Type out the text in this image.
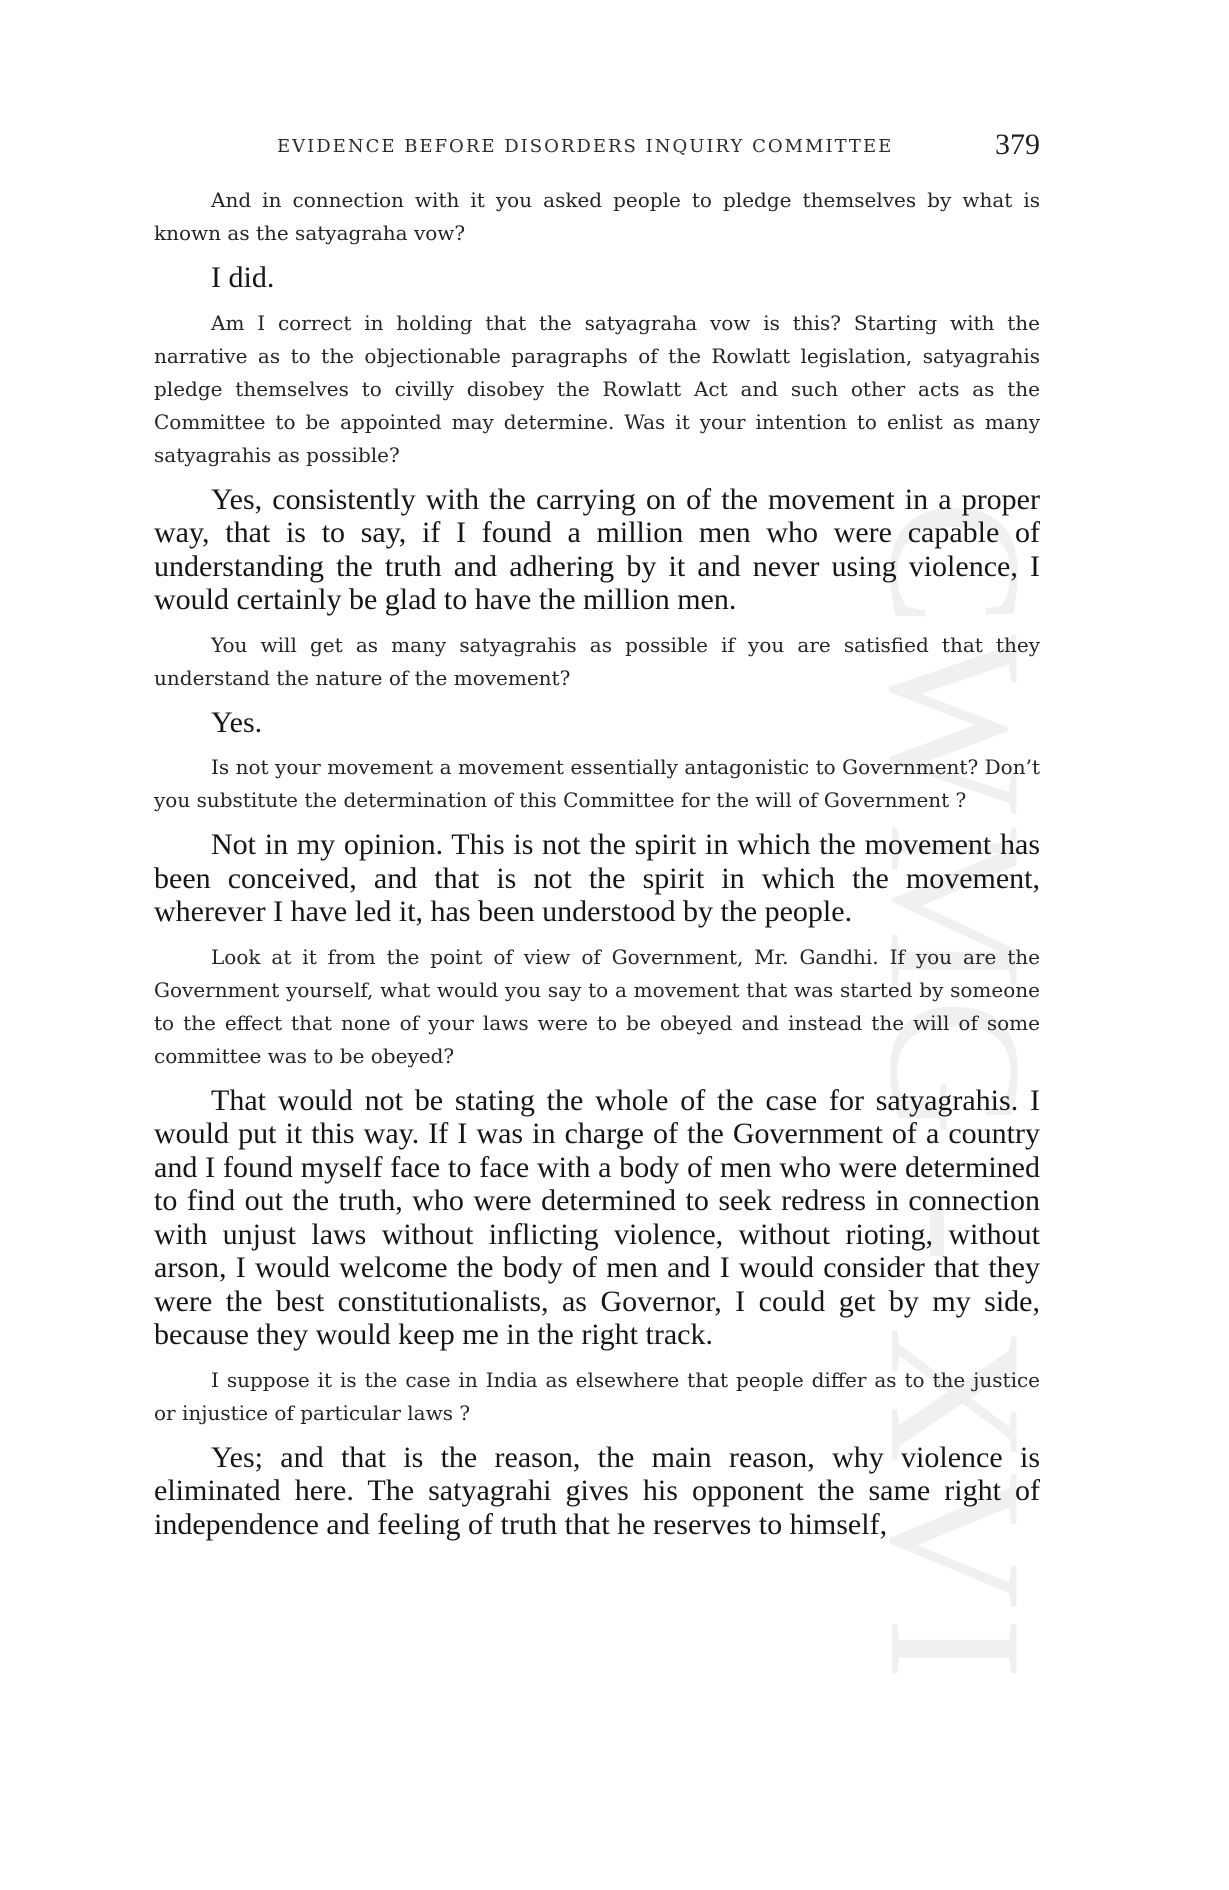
CWMG - XVI
EVIDENCE BEFORE DISORDERS INQUIRY COMMITTEE	379

And in connection with it you asked people to pledge themselves by what is known as the satyagraha vow?

I did.

Am I correct in holding that the satyagraha vow is this? Starting with the narrative as to the objectionable paragraphs of the Rowlatt legislation, satyagrahis pledge themselves to civilly disobey the Rowlatt Act and such other acts as the Committee to be appointed may determine. Was it your intention to enlist as many satyagrahis as possible?

Yes, consistently with the carrying on of the movement in a proper way, that is to say, if I found a million men who were capable of understanding the truth and adhering by it and never using violence, I would certainly be glad to have the million men.

You will get as many satyagrahis as possible if you are satisfied that they understand the nature of the movement?

Yes.

Is not your movement a movement essentially antagonistic to Government? Don’t you substitute the determination of this Committee for the will of Government ?

Not in my opinion. This is not the spirit in which the movement has been conceived, and that is not the spirit in which the movement, wherever I have led it, has been understood by the people.

Look at it from the point of view of Government, Mr. Gandhi. If you are the Government yourself, what would you say to a movement that was started by someone to the effect that none of your laws were to be obeyed and instead the will of some committee was to be obeyed?

That would not be stating the whole of the case for satyagrahis. I would put it this way. If I was in charge of the Government of a country and I found myself face to face with a body of men who were determined to find out the truth, who were determined to seek redress in connection with unjust laws without inflicting violence, without rioting, without arson, I would welcome the body of men and I would consider that they were the best constitutionalists, as Governor, I could get by my side, because they would keep me in the right track.

I suppose it is the case in India as elsewhere that people differ as to the justice or injustice of particular laws ?

Yes; and that is the reason, the main reason, why violence is eliminated here. The satyagrahi gives his opponent the same right of independence and feeling of truth that he reserves to himself,
